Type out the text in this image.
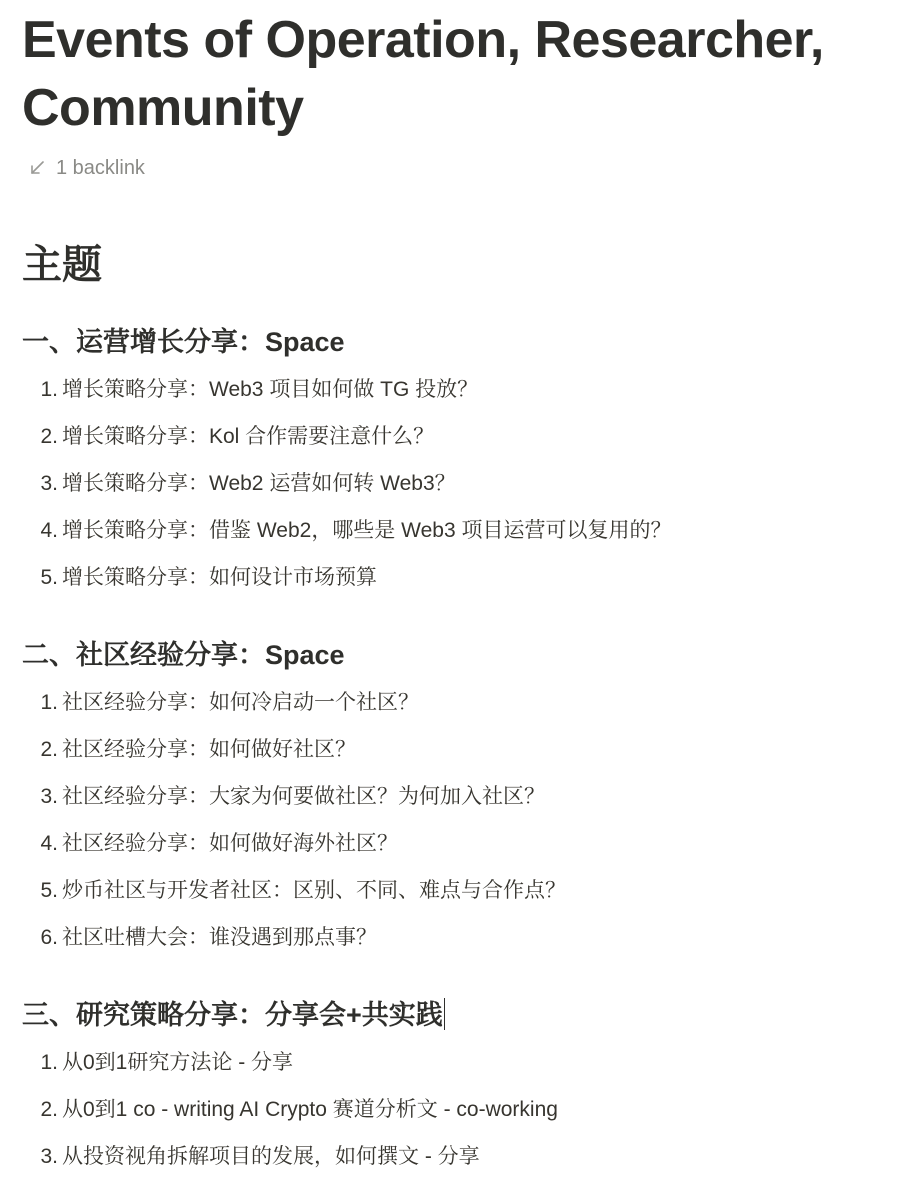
Events of Operation, Researcher,
Community
1 backlink
主题
一、运营增长分享：Space
1. 增长策略分享：Web3 项目如何做 TG 投放？
2. 增长策略分享：Kol 合作需要注意什么？
3. 增长策略分享：Web2 运营如何转 Web3？
4. 增长策略分享：借鉴 Web2，哪些是 Web3 项目运营可以复用的？
5. 增长策略分享：如何设计市场预算
二、社区经验分享：Space
1. 社区经验分享：如何冷启动一个社区？
2. 社区经验分享：如何做好社区？
3. 社区经验分享：大家为何要做社区？为何加入社区？
4. 社区经验分享：如何做好海外社区？
5. 炒币社区与开发者社区：区别、不同、难点与合作点？
6. 社区吐槽大会：谁没遇到那点事？
三、研究策略分享：分享会+共实践
1. 从0到1研究方法论 - 分享
2. 从0到1 co - writing AI Crypto 赛道分析文 - co-working
3. 从投资视角拆解项目的发展，如何撰文 - 分享
